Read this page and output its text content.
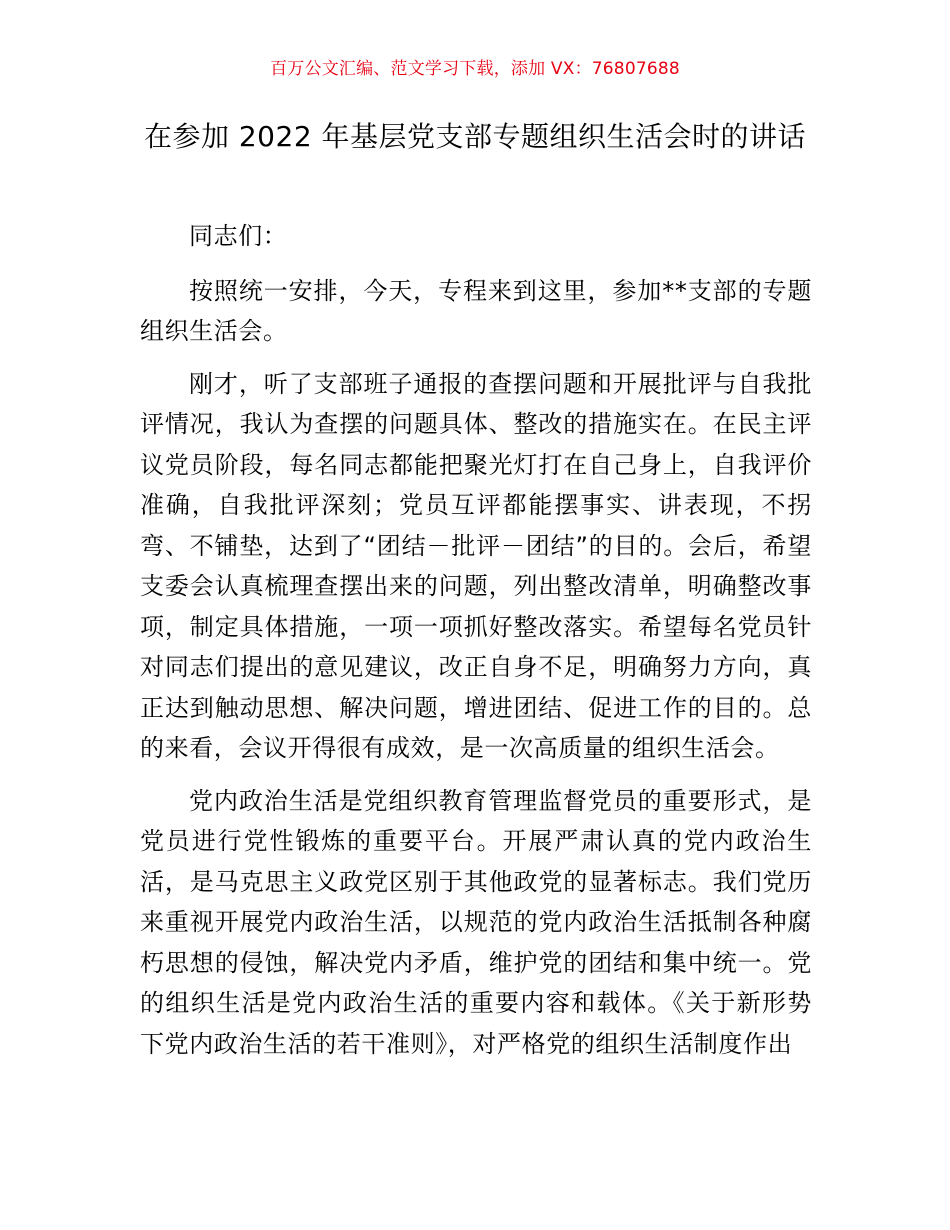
百万公文汇编、范文学习下载，添加 VX：76807688
在参加 2022 年基层党支部专题组织生活会时的讲话

同志们：

按照统一安排，今天，专程来到这里，参加**支部的专题组织生活会。

刚才，听了支部班子通报的查摆问题和开展批评与自我批评情况，我认为查摆的问题具体、整改的措施实在。在民主评议党员阶段，每名同志都能把聚光灯打在自己身上，自我评价准确，自我批评深刻；党员互评都能摆事实、讲表现，不拐弯、不铺垫，达到了“团结－批评－团结”的目的。会后，希望支委会认真梳理查摆出来的问题，列出整改清单，明确整改事项，制定具体措施，一项一项抓好整改落实。希望每名党员针对同志们提出的意见建议，改正自身不足，明确努力方向，真正达到触动思想、解决问题，增进团结、促进工作的目的。总的来看，会议开得很有成效，是一次高质量的组织生活会。

党内政治生活是党组织教育管理监督党员的重要形式，是党员进行党性锻炼的重要平台。开展严肃认真的党内政治生活，是马克思主义政党区别于其他政党的显著标志。我们党历来重视开展党内政治生活，以规范的党内政治生活抵制各种腐朽思想的侵蚀，解决党内矛盾，维护党的团结和集中统一。党的组织生活是党内政治生活的重要内容和载体。《关于新形势下党内政治生活的若干准则》，对严格党的组织生活制度作出
